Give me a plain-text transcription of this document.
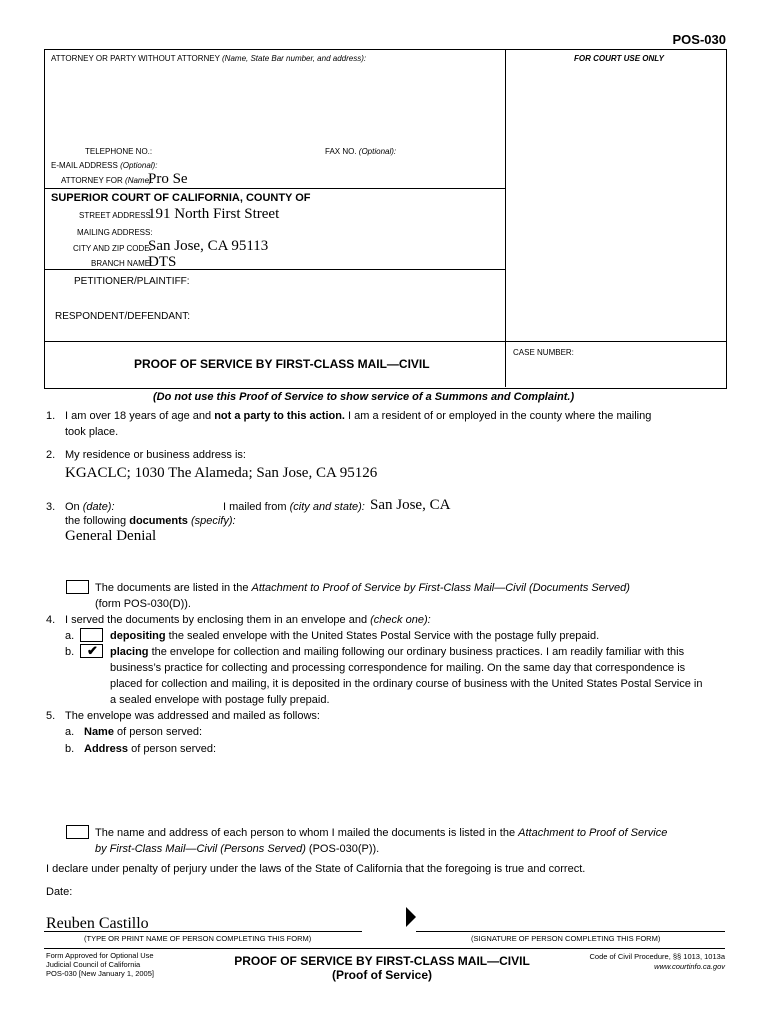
POS-030
ATTORNEY OR PARTY WITHOUT ATTORNEY (Name, State Bar number, and address):	FOR COURT USE ONLY
TELEPHONE NO.:	FAX NO. (Optional):
E-MAIL ADDRESS (Optional):
ATTORNEY FOR (Name):
Pro Se
SUPERIOR COURT OF CALIFORNIA, COUNTY OF
STREET ADDRESS:
191 North First Street
MAILING ADDRESS:
CITY AND ZIP CODE:
San Jose, CA 95113
BRANCH NAME:
DTS
PETITIONER/PLAINTIFF:
RESPONDENT/DEFENDANT:
CASE NUMBER:
PROOF OF SERVICE BY FIRST-CLASS MAIL—CIVIL
(Do not use this Proof of Service to show service of a Summons and Complaint.)
1. I am over 18 years of age and not a party to this action. I am a resident of or employed in the county where the mailing
took place.
2. My residence or business address is:
KGACLC; 1030 The Alameda; San Jose, CA 95126
3. On (date):	I mailed from (city and state): San Jose, CA
the following documents (specify):
General Denial
The documents are listed in the Attachment to Proof of Service by First-Class Mail—Civil (Documents Served)
(form POS-030(D)).
4. I served the documents by enclosing them in an envelope and (check one):
a.	depositing the sealed envelope with the United States Postal Service with the postage fully prepaid.
b. ✔ placing the envelope for collection and mailing following our ordinary business practices. I am readily familiar with this
business’s practice for collecting and processing correspondence for mailing. On the same day that correspondence is
placed for collection and mailing, it is deposited in the ordinary course of business with the United States Postal Service in
a sealed envelope with postage fully prepaid.
5. The envelope was addressed and mailed as follows:
a. Name of person served:
b. Address of person served:
The name and address of each person to whom I mailed the documents is listed in the Attachment to Proof of Service
by First-Class Mail—Civil (Persons Served) (POS-030(P)).
I declare under penalty of perjury under the laws of the State of California that the foregoing is true and correct.
Date:
Reuben Castillo
(TYPE OR PRINT NAME OF PERSON COMPLETING THIS FORM)	(SIGNATURE OF PERSON COMPLETING THIS FORM)
Form Approved for Optional Use
Judicial Council of California
POS-030 [New January 1, 2005]
PROOF OF SERVICE BY FIRST-CLASS MAIL—CIVIL
(Proof of Service)
Code of Civil Procedure, §§ 1013, 1013a
www.courtinfo.ca.gov
